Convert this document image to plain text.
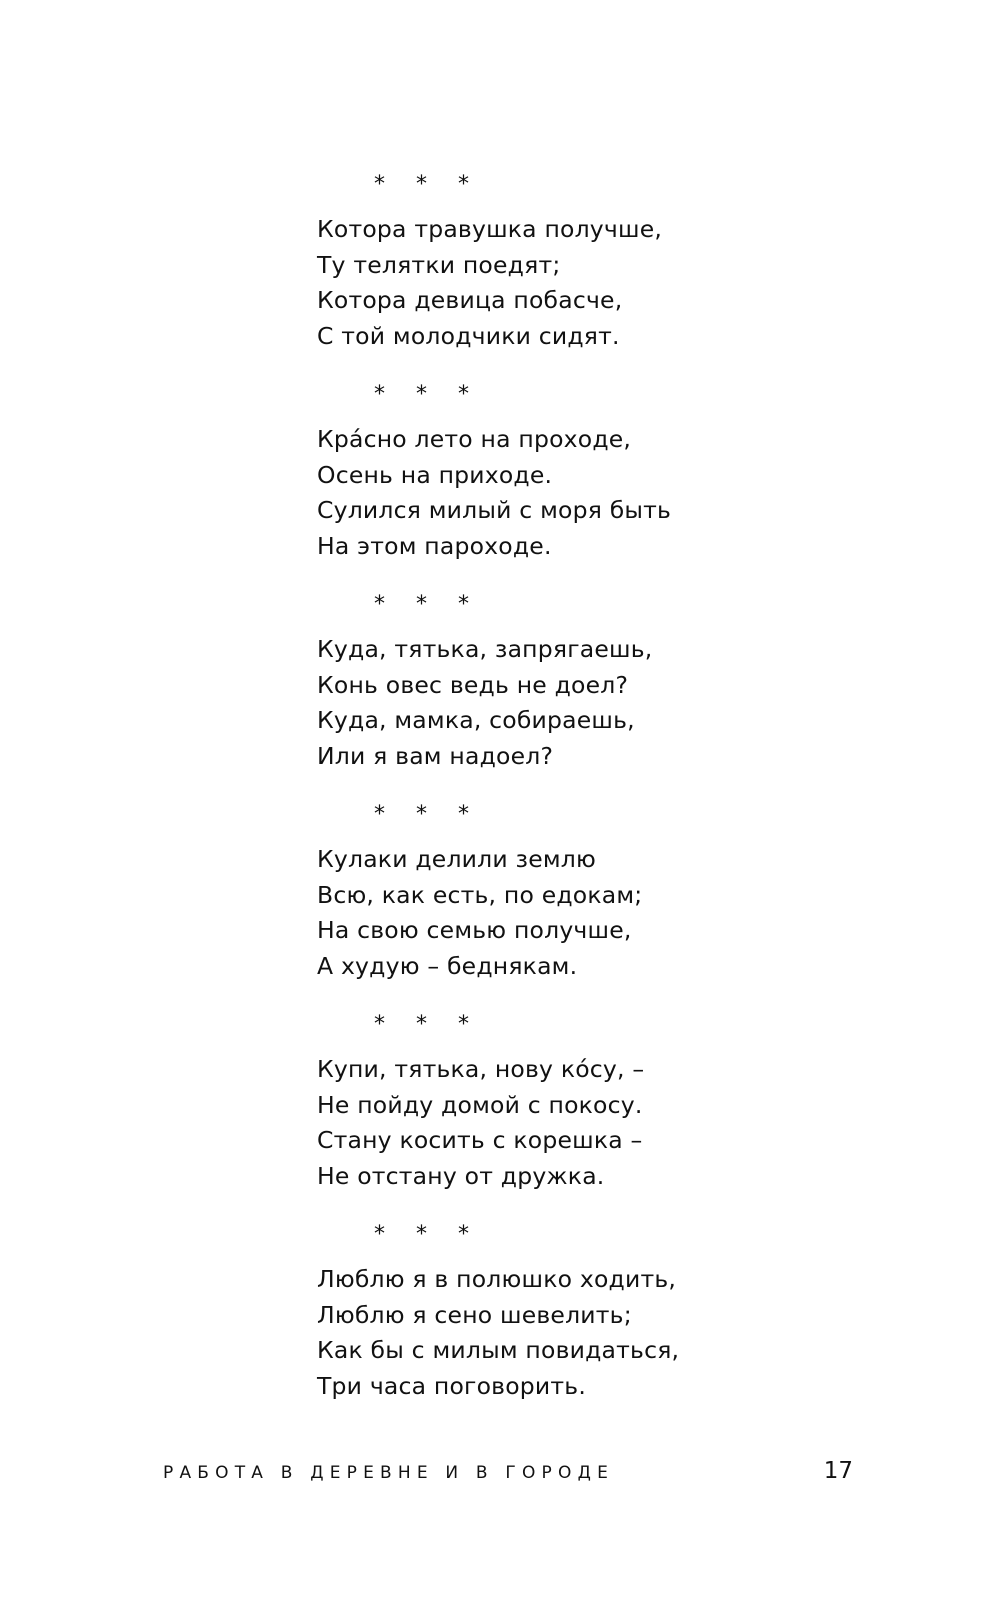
* * *
Котора травушка получше,
Ту телятки поедят;
Котора девица побасче,
С той молодчики сидят.
* * *
Кра́сно лето на проходе,
Осень на приходе.
Сулился милый с моря быть
На этом пароходе.
* * *
Куда, тятька, запрягаешь,
Конь овес ведь не доел?
Куда, мамка, собираешь,
Или я вам надоел?
* * *
Кулаки делили землю
Всю, как есть, по едокам;
На свою семью получше,
А худую – беднякам.
* * *
Купи, тятька, нову ко́су, –
Не пойду домой с покосу.
Стану косить с корешка –
Не отстану от дружка.
* * *
Люблю я в полюшко ходить,
Люблю я сено шевелить;
Как бы с милым повидаться,
Три часа поговорить.
РАБОТА В ДЕРЕВНЕ И В ГОРОДЕ	17
